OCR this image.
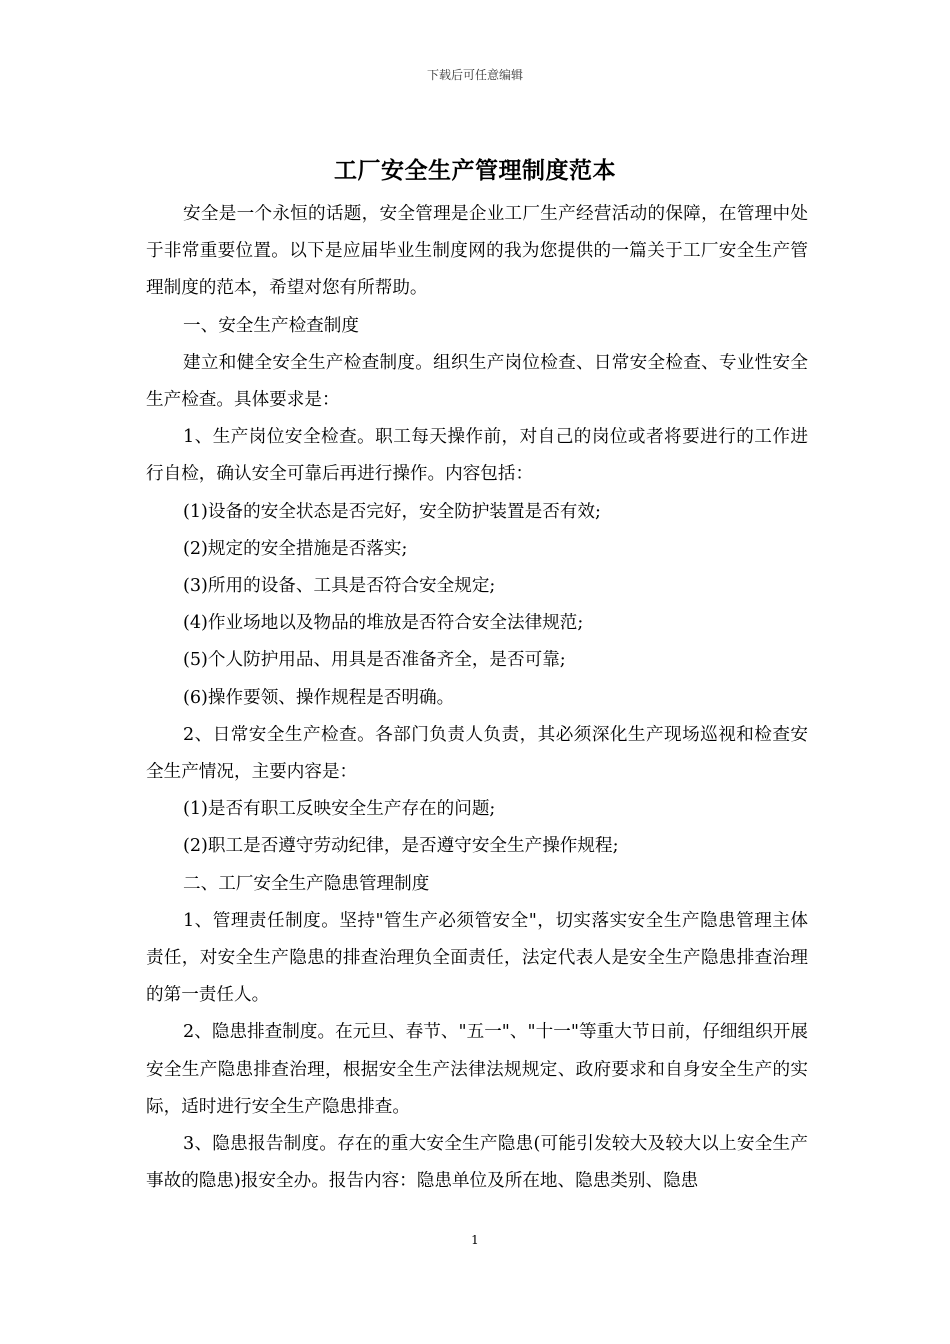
下载后可任意编辑
工厂安全生产管理制度范本

安全是一个永恒的话题，安全管理是企业工厂生产经营活动的保障，在管理中处于非常重要位置。以下是应届毕业生制度网的我为您提供的一篇关于工厂安全生产管理制度的范本，希望对您有所帮助。

一、安全生产检查制度

建立和健全安全生产检查制度。组织生产岗位检查、日常安全检查、专业性安全生产检查。具体要求是：

1、生产岗位安全检查。职工每天操作前，对自己的岗位或者将要进行的工作进行自检，确认安全可靠后再进行操作。内容包括：

(1)设备的安全状态是否完好，安全防护装置是否有效;

(2)规定的安全措施是否落实;

(3)所用的设备、工具是否符合安全规定;

(4)作业场地以及物品的堆放是否符合安全法律规范;

(5)个人防护用品、用具是否准备齐全，是否可靠;

(6)操作要领、操作规程是否明确。

2、日常安全生产检查。各部门负责人负责，其必须深化生产现场巡视和检查安全生产情况，主要内容是：

(1)是否有职工反映安全生产存在的问题;

(2)职工是否遵守劳动纪律，是否遵守安全生产操作规程;

二、工厂安全生产隐患管理制度

1、管理责任制度。坚持"管生产必须管安全"，切实落实安全生产隐患管理主体责任，对安全生产隐患的排查治理负全面责任，法定代表人是安全生产隐患排查治理的第一责任人。

2、隐患排查制度。在元旦、春节、"五一"、"十一"等重大节日前，仔细组织开展安全生产隐患排查治理，根据安全生产法律法规规定、政府要求和自身安全生产的实际，适时进行安全生产隐患排查。

3、隐患报告制度。存在的重大安全生产隐患(可能引发较大及较大以上安全生产事故的隐患)报安全办。报告内容：隐患单位及所在地、隐患类别、隐患

1
